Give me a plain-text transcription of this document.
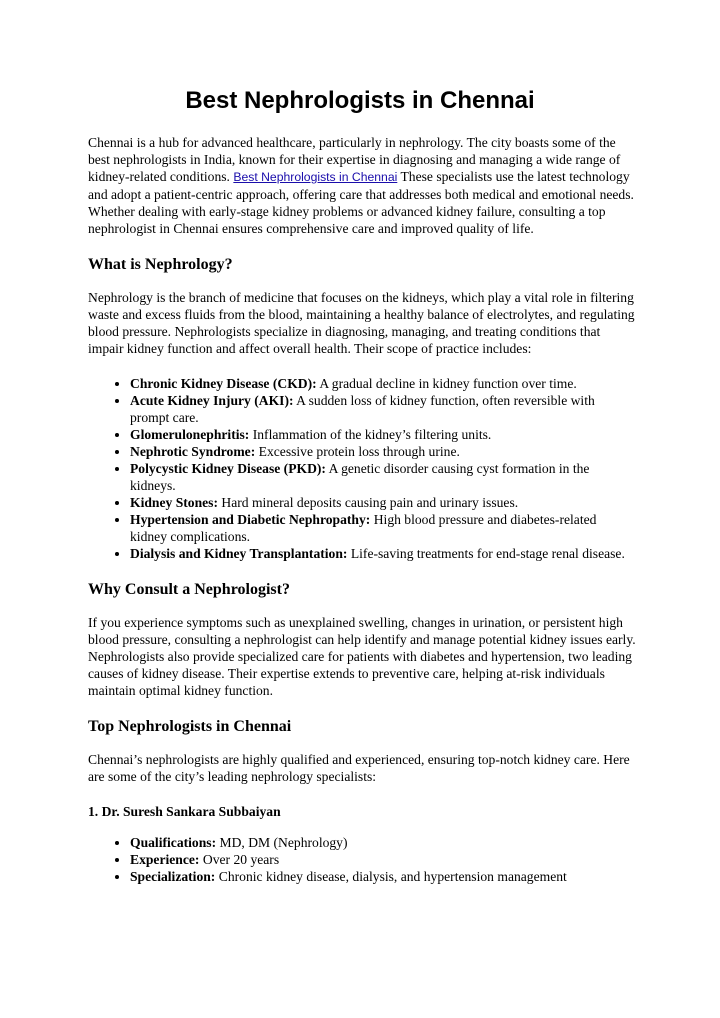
Best Nephrologists in Chennai

Chennai is a hub for advanced healthcare, particularly in nephrology. The city boasts some of the best nephrologists in India, known for their expertise in diagnosing and managing a wide range of kidney-related conditions. Best Nephrologists in Chennai These specialists use the latest technology and adopt a patient-centric approach, offering care that addresses both medical and emotional needs. Whether dealing with early-stage kidney problems or advanced kidney failure, consulting a top nephrologist in Chennai ensures comprehensive care and improved quality of life.

What is Nephrology?

Nephrology is the branch of medicine that focuses on the kidneys, which play a vital role in filtering waste and excess fluids from the blood, maintaining a healthy balance of electrolytes, and regulating blood pressure. Nephrologists specialize in diagnosing, managing, and treating conditions that impair kidney function and affect overall health. Their scope of practice includes:

• Chronic Kidney Disease (CKD): A gradual decline in kidney function over time.
• Acute Kidney Injury (AKI): A sudden loss of kidney function, often reversible with prompt care.
• Glomerulonephritis: Inflammation of the kidney’s filtering units.
• Nephrotic Syndrome: Excessive protein loss through urine.
• Polycystic Kidney Disease (PKD): A genetic disorder causing cyst formation in the kidneys.
• Kidney Stones: Hard mineral deposits causing pain and urinary issues.
• Hypertension and Diabetic Nephropathy: High blood pressure and diabetes-related kidney complications.
• Dialysis and Kidney Transplantation: Life-saving treatments for end-stage renal disease.
Why Consult a Nephrologist?

If you experience symptoms such as unexplained swelling, changes in urination, or persistent high blood pressure, consulting a nephrologist can help identify and manage potential kidney issues early. Nephrologists also provide specialized care for patients with diabetes and hypertension, two leading causes of kidney disease. Their expertise extends to preventive care, helping at-risk individuals maintain optimal kidney function.

Top Nephrologists in Chennai

Chennai’s nephrologists are highly qualified and experienced, ensuring top-notch kidney care. Here are some of the city’s leading nephrology specialists:

1. Dr. Suresh Sankara Subbaiyan
• Qualifications: MD, DM (Nephrology)
• Experience: Over 20 years
• Specialization: Chronic kidney disease, dialysis, and hypertension management
